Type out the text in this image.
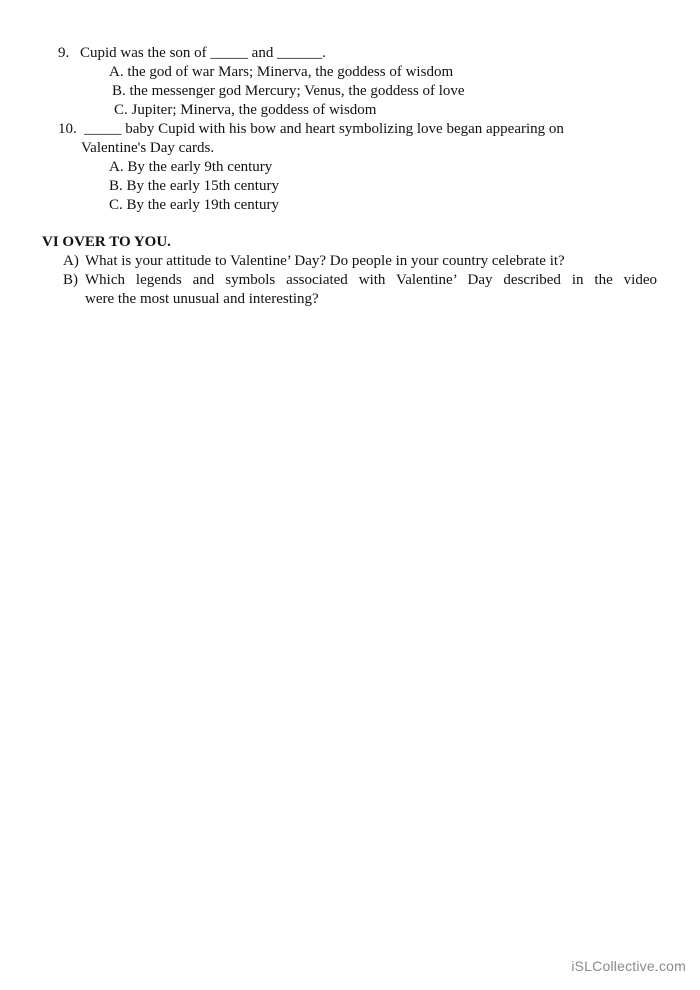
9. Cupid was the son of _____ and ______.
A. the god of war Mars; Minerva, the goddess of wisdom
B. the messenger god Mercury; Venus, the goddess of love
C. Jupiter; Minerva, the goddess of wisdom
10. _____ baby Cupid with his bow and heart symbolizing love began appearing on
Valentine's Day cards.
A. By the early 9th century
B. By the early 15th century
C. By the early 19th century
VI OVER TO YOU.
A) What is your attitude to Valentine’ Day? Do people in your country celebrate it?
B) Which legends and symbols associated with Valentine’ Day described in the video
were the most unusual and interesting?
iSLCollective.com
